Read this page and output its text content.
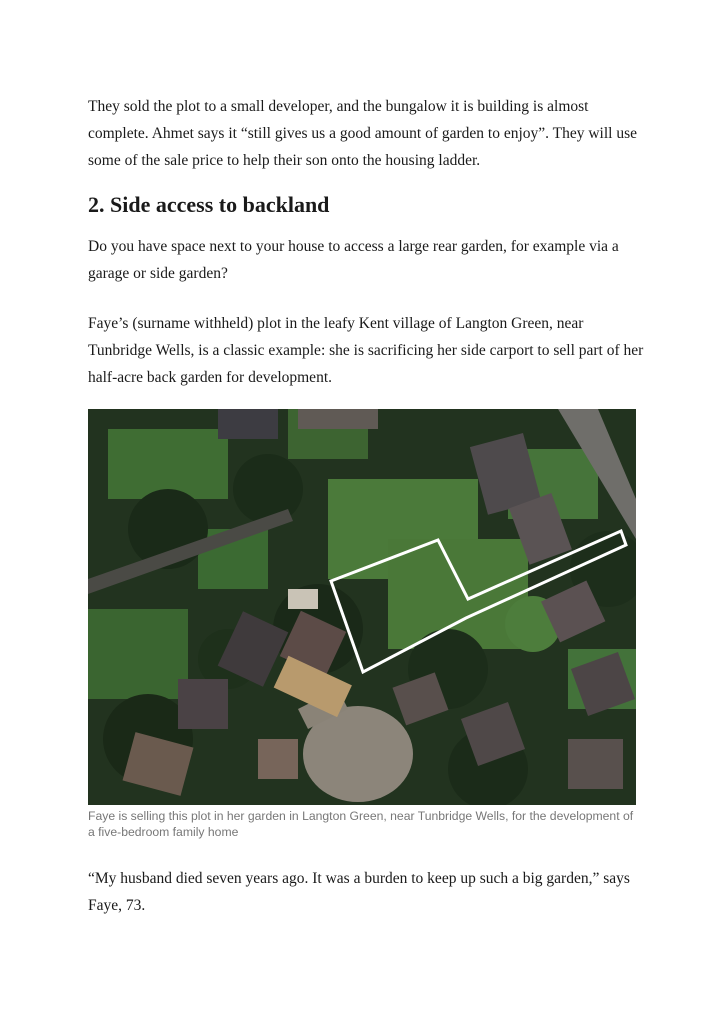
They sold the plot to a small developer, and the bungalow it is building is almost complete. Ahmet says it “still gives us a good amount of garden to enjoy”. They will use some of the sale price to help their son onto the housing ladder.

2. Side access to backland

Do you have space next to your house to access a large rear garden, for example via a garage or side garden?

Faye’s (surname withheld) plot in the leafy Kent village of Langton Green, near Tunbridge Wells, is a classic example: she is sacrificing her side carport to sell part of her half-acre back garden for development.

Faye is selling this plot in her garden in Langton Green, near Tunbridge Wells, for the development of a five-bedroom family home

“My husband died seven years ago. It was a burden to keep up such a big garden,” says Faye, 73.
